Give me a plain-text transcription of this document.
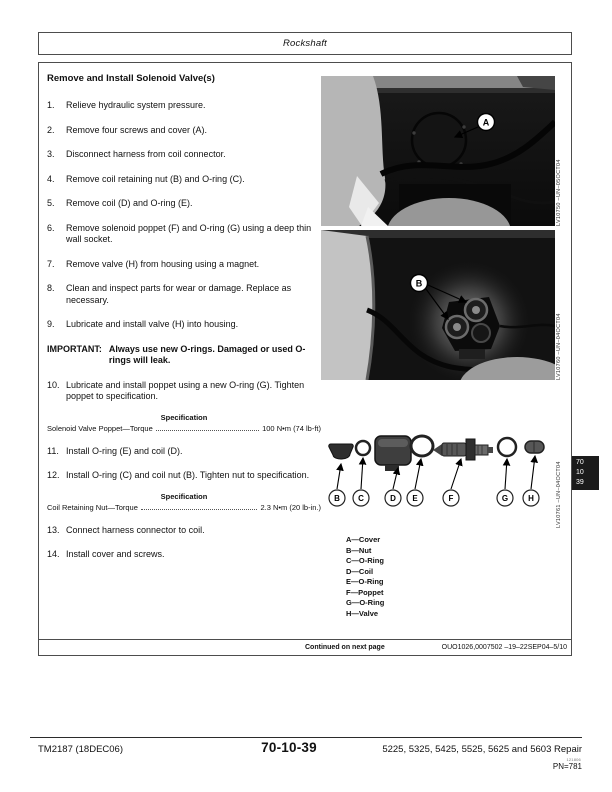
Rockshaft
Remove and Install Solenoid Valve(s)
1.	Relieve hydraulic system pressure.
2.	Remove four screws and cover (A).
3.	Disconnect harness from coil connector.
4.	Remove coil retaining nut (B) and O-ring (C).
5.	Remove coil (D) and O-ring (E).
6.	Remove solenoid poppet (F) and O-ring (G) using a deep thin wall socket.
7.	Remove valve (H) from housing using a magnet.
8.	Clean and inspect parts for wear or damage. Replace as necessary.
9.	Lubricate and install valve (H) into housing.
IMPORTANT: Always use new O-rings. Damaged or used O-rings will leak.
10. Lubricate and install poppet using a new O-ring (G). Tighten poppet to specification.
Specification
Solenoid Valve Poppet—Torque	100 N•m (74 lb-ft)
11. Install O-ring (E) and coil (D).
12. Install O-ring (C) and coil nut (B). Tighten nut to specification.
Specification
Coil Retaining Nut—Torque	2.3 N•m (20 lb-in.)
13. Connect harness connector to coil.
14. Install cover and screws.
A
LV10750 –UN–05OCT04
B
LV10760 –UN–04OCT04
B C	D E	F	G H	LV10761 –UN–04OCT04
A—Cover
B—Nut
C—O-Ring
D—Coil
E—O-Ring
F—Poppet
G—O-Ring
H—Valve
Continued on next page	OUO1026,0007502 –19–22SEP04–5/10
70
10
39
TM2187 (18DEC06)	70-10-39	5225, 5325, 5425, 5525, 5625 and 5603 Repair
121806
PN=781
